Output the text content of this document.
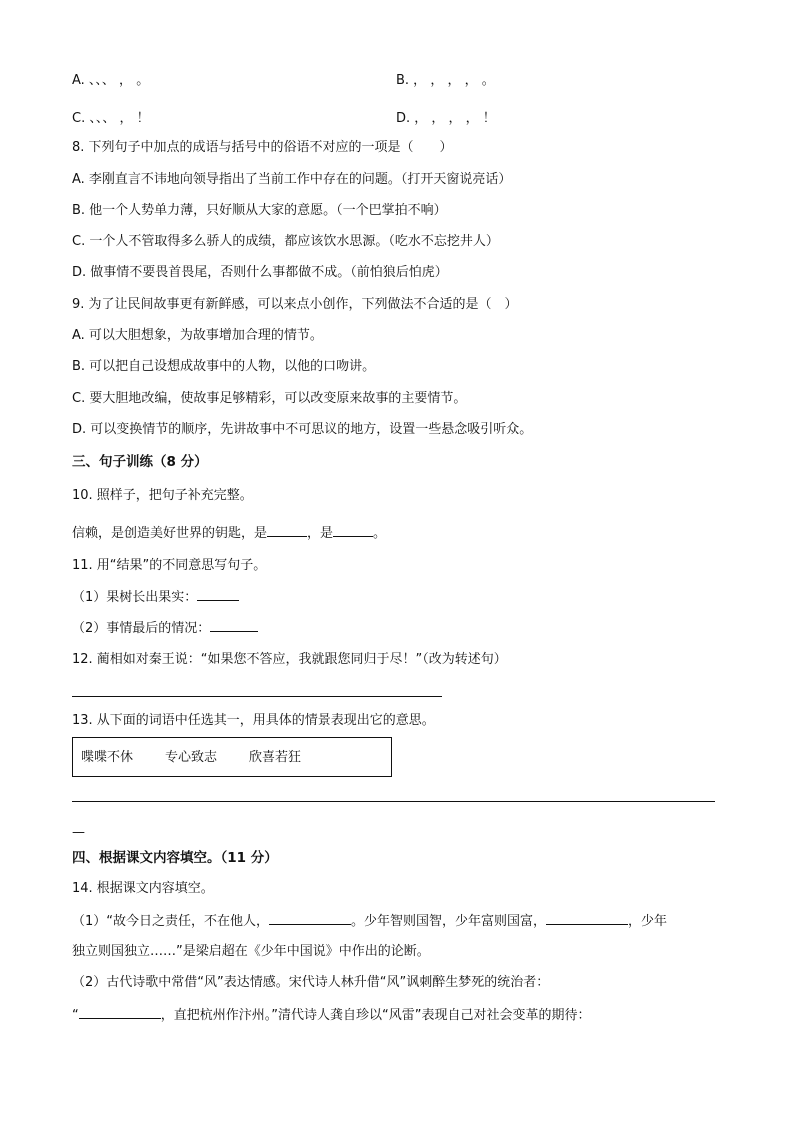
A. 、、、 ， 。	B. ， ， ， ， 。
C. 、、、 ， ！	D. ， ， ， ， ！
8. 下列句子中加点的成语与括号中的俗语不对应的一项是（　　）
A. 李刚直言不讳地向领导指出了当前工作中存在的问题。（打开天窗说亮话）
B. 他一个人势单力薄，只好顺从大家的意愿。（一个巴掌拍不响）
C. 一个人不管取得多么骄人的成绩，都应该饮水思源。（吃水不忘挖井人）
D. 做事情不要畏首畏尾，否则什么事都做不成。（前怕狼后怕虎）
9. 为了让民间故事更有新鲜感，可以来点小创作，下列做法不合适的是（　）
A. 可以大胆想象，为故事增加合理的情节。
B. 可以把自己设想成故事中的人物，以他的口吻讲。
C. 要大胆地改编，使故事足够精彩，可以改变原来故事的主要情节。
D. 可以变换情节的顺序，先讲故事中不可思议的地方，设置一些悬念吸引听众。
三、句子训练（8 分）
10. 照样子，把句子补充完整。
信赖，是创造美好世界的钥匙，是	，是	。
11. 用“结果”的不同意思写句子。
（1）果树长出果实：
（2）事情最后的情况：
12. 蔺相如对秦王说：“如果您不答应，我就跟您同归于尽！”（改为转述句）
13. 从下面的词语中任选其一，用具体的情景表现出它的意思。
喋喋不休 专心致志 欣喜若狂
—
四、根据课文内容填空。（11 分）
14. 根据课文内容填空。
（1）“故今日之责任，不在他人，	。少年智则国智，少年富则国富，	，少年
独立则国独立……”是梁启超在《少年中国说》中作出的论断。
（2）古代诗歌中常借“风”表达情感。宋代诗人林升借“风”讽刺醉生梦死的统治者：
“	，直把杭州作汴州。”清代诗人龚自珍以“风雷”表现自己对社会变革的期待：
